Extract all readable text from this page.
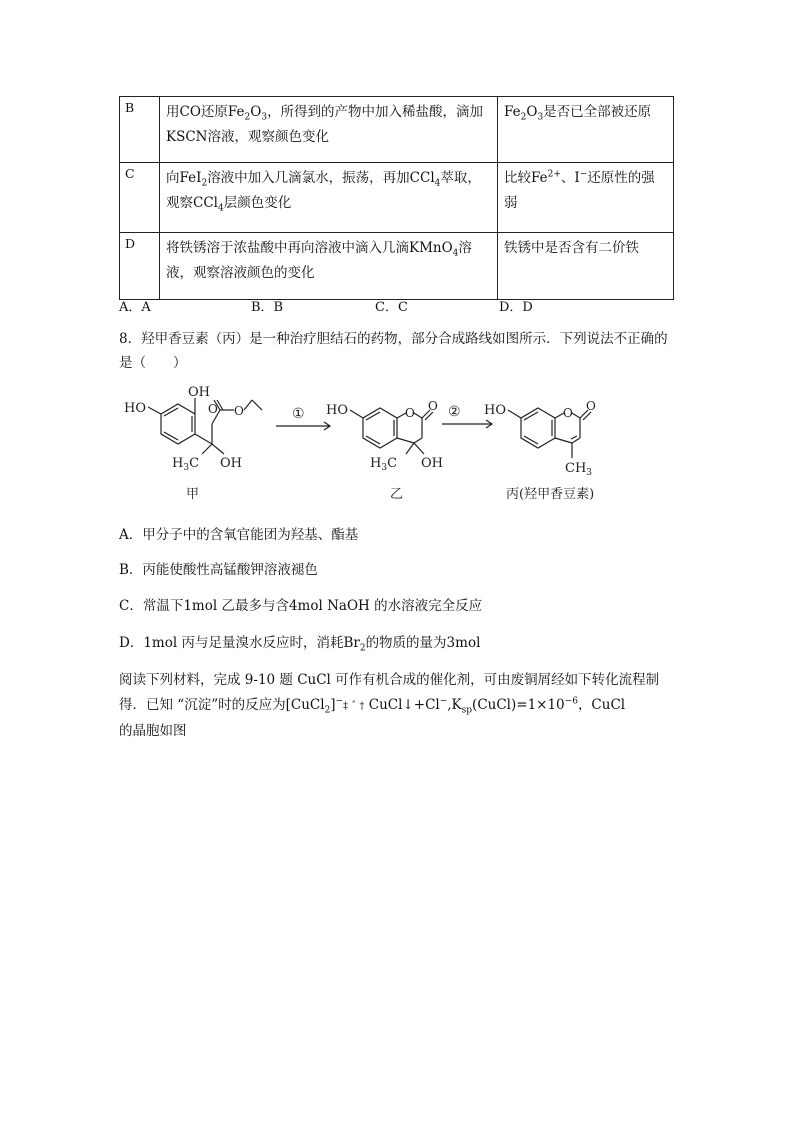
B	用CO还原$Fe_2O_3$，所得到的产物中加入稀盐酸，滴加KSCN溶液，观察颜色变化	$Fe_2O_3$是否已全部被还原
C	向FeI$_2$溶液中加入几滴氯水，振荡，再加CCl$_4$萃取，观察CCl$_4$层颜色变化	比较$Fe^{2+}$、I−还原性的强弱
D	将铁锈溶于浓盐酸中再向溶液中滴入几滴KMnO$_4$溶液，观察溶液颜色的变化	铁锈中是否含有二价铁
A．A	B．B	C．C	D．D
8．羟甲香豆素（丙）是一种治疗胆结石的药物，部分合成路线如图所示．下列说法不正确的是（　　）
HO
OH
O O
$H_3C$ OH
甲
① HO	O O
$H_3C$ OH
乙
② HO	O O
$CH_3$
丙(羟甲香豆素)
A．甲分子中的含氧官能团为羟基、酯基
B．丙能使酸性高锰酸钾溶液褪色
C．常温下1mol 乙最多与含4mol NaOH 的水溶液完全反应
D．1mol 丙与足量溴水反应时，消耗$Br_2$的物质的量为3mol
阅读下列材料，完成 9-10 题 CuCl 可作有机合成的催化剂，可由废铜屑经如下转化流程制得．已知 “沉淀”时的反应为[CuCl$_2$]−‡ ˆ † $CuCl↓+Cl^-,K_{sp}(CuCl)=1\times 10^{-6}$，CuCl
的晶胞如图
